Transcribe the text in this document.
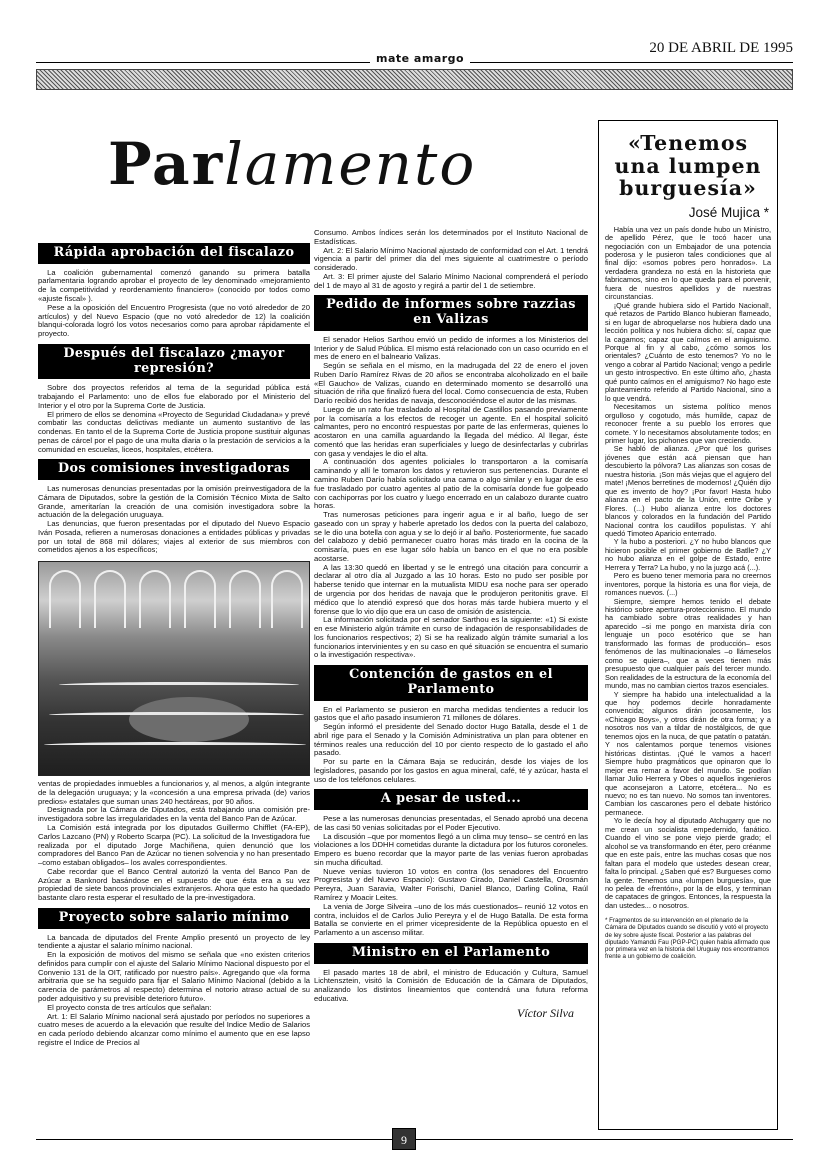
mate amargo
20 DE ABRIL DE 1995
Parlamento
Rápida aprobación del fiscalazo

La coalición gubernamental comenzó ganando su primera batalla parlamentaria logrando aprobar el proyecto de ley denominado «mejoramiento de la competitividad y reordenamiento financiero» (conocido por todos como «ajuste fiscal» ).

Pese a la oposición del Encuentro Progresista (que no votó alrededor de 20 artículos) y del Nuevo Espacio (que no votó alrededor de 12) la coalición blanqui-colorada logró los votos necesarios como para aprobar rápidamente el proyecto.

Después del fiscalazo ¿mayor represión?

Sobre dos proyectos referidos al tema de la seguridad pública está trabajando el Parlamento: uno de ellos fue elaborado por el Ministerio del Interior y el otro por la Suprema Corte de Justicia.

El primero de ellos se denomina «Proyecto de Seguridad Ciudadana» y prevé combatir las conductas delictivas mediante un aumento sustantivo de las condenas. En tanto el de la Suprema Corte de Justicia propone sustituir algunas penas de cárcel por el pago de una multa diaria o la prestación de servicios a la comunidad en escuelas, liceos, hospitales, etcétera.

Dos comisiones investigadoras

Las numerosas denuncias presentadas por la omisión preinvestigadora de la Cámara de Diputados, sobre la gestión de la Comisión Técnico Mixta de Salto Grande, ameritarían la creación de una comisión investigadora sobre la actuación de la delegación uruguaya.

Las denuncias, que fueron presentadas por el diputado del Nuevo Espacio Iván Posada, refieren a numerosas donaciones a entidades públicas y privadas por un total de 868 mil dólares; viajes al exterior de sus miembros con cometidos ajenos a los específicos;

ventas de propiedades inmuebles a funcionarios y, al menos, a algún integrante de la delegación uruguaya; y la «concesión a una empresa privada (de) varios predios» estatales que suman unas 240 hectáreas, por 90 años.

Designada por la Cámara de Diputados, está trabajando una comisión pre-investigadora sobre las irregularidades en la venta del Banco Pan de Azúcar.

La Comisión está integrada por los diputados Guillermo Chifflet (FA-EP), Carlos Lazcano (PN) y Roberto Scarpa (PC). La solicitud de la Investigadora fue realizada por el diputado Jorge Machiñena, quien denunció que los compradores del Banco Pan de Azúcar no tienen solvencia y no han presentado –como estaban obligados– los avales correspondientes.

Cabe recordar que el Banco Central autorizó la venta del Banco Pan de Azúcar a Banknord basándose en el supuesto de que ésta era a su vez propiedad de siete bancos provinciales extranjeros. Ahora que esto ha quedado bastante claro resta esperar el resultado de la pre-investigadora.

Proyecto sobre salario mínimo

La bancada de diputados del Frente Amplio presentó un proyecto de ley tendiente a ajustar el salario mínimo nacional.

En la exposición de motivos del mismo se señala que «no existen criterios definidos para cumplir con el ajuste del Salario Mínimo Nacional dispuesto por el Convenio 131 de la OIT, ratificado por nuestro país». Agregando que «la forma arbitraria que se ha seguido para fijar el Salario Mínimo Nacional (debido a la carencia de parámetros al respecto) determina el notorio atraso actual de su poder adquisitivo y su previsible deterioro futuro».

El proyecto consta de tres artículos que señalan:

Art. 1: El Salario Mínimo nacional será ajustado por períodos no superiores a cuatro meses de acuerdo a la elevación que resulte del Indice Medio de Salarios en cada período debiendo alcanzar como mínimo el aumento que en ese lapso registre el Indice de Precios al

Consumo. Ambos índices serán los determinados por el Instituto Nacional de Estadísticas.

Art. 2: El Salario Mínimo Nacional ajustado de conformidad con el Art. 1 tendrá vigencia a partir del primer día del mes siguiente al cuatrimestre o período considerado.

Art. 3: El primer ajuste del Salario Mínimo Nacional comprenderá el período del 1 de mayo al 31 de agosto y regirá a partir del 1 de setiembre.

Pedido de informes sobre razzias en Valizas

El senador Helios Sarthou envió un pedido de informes a los Ministerios del Interior y de Salud Pública. El mismo está relacionado con un caso ocurrido en el mes de enero en el balneario Valizas.

Según se señala en el mismo, en la madrugada del 22 de enero el joven Ruben Darío Ramírez Rivas de 20 años se encontraba alcoholizado en el baile «El Gaucho» de Valizas, cuando en determinado momento se desarrolló una situación de riña que finalizó fuera del local. Como consecuencia de esta, Ruben Darío recibió dos heridas de navaja, desconociéndose el autor de las mismas.

Luego de un rato fue trasladado al Hospital de Castillos pasando previamente por la comisaría a los efectos de recoger un agente. En el hospital solicitó calmantes, pero no encontró respuestas por parte de las enfermeras, quienes lo acostaron en una camilla aguardando la llegada del médico. Al llegar, éste comentó que las heridas eran superficiales y luego de desinfectarlas y cubrirlas con gasa y vendajes le dio el alta.

A continuación dos agentes policiales lo transportaron a la comisaría caminando y allí le tomaron los datos y retuvieron sus pertenencias. Durante el camino Ruben Darío había solicitado una cama o algo similar y en lugar de eso fue trasladado por cuatro agentes al patio de la comisaría donde fue golpeado con cachiporras por los cuatro y luego encerrado en un calabozo durante cuatro horas.

Tras numerosas peticiones para ingerir agua e ir al baño, luego de ser gaseado con un spray y haberle apretado los dedos con la puerta del calabozo, se le dio una botella con agua y se lo dejó ir al baño. Posteriormente, fue sacado del calabozo y debió permanecer cuatro horas más tirado en la cocina de la comisaría, pues en ese lugar sólo había un banco en el que no era posible acostarse.

A las 13:30 quedó en libertad y se le entregó una citación para concurrir a declarar al otro día al Juzgado a las 10 horas. Esto no pudo ser posible por haberse tenido que internar en la mutualista MIDU esa noche para ser operado de urgencia por dos heridas de navaja que le produjeron peritonitis grave. El médico que lo atendió expresó que dos horas más tarde hubiera muerto y el forense que lo vio dijo que era un caso de omisión de asistencia.

La información solicitada por el senador Sarthou es la siguiente: «1) Si existe en ese Ministerio algún trámite en curso de indagación de responsabilidades de los funcionarios respectivos; 2) Si se ha realizado algún trámite sumarial a los funcionarios intervinientes y en su caso en qué situación se encuentra el sumario o la investigación respectiva».

Contención de gastos en el Parlamento

En el Parlamento se pusieron en marcha medidas tendientes a reducir los gastos que el año pasado insumieron 71 millones de dólares.

Según informó el presidente del Senado doctor Hugo Batalla, desde el 1 de abril rige para el Senado y la Comisión Administrativa un plan para obtener en términos reales una reducción del 10 por ciento respecto de lo gastado el año pasado.

Por su parte en la Cámara Baja se reducirán, desde los viajes de los legisladores, pasando por los gastos en agua mineral, café, té y azúcar, hasta el uso de los teléfonos celulares.

A pesar de usted...

Pese a las numerosas denuncias presentadas, el Senado aprobó una decena de las casi 50 venias solicitadas por el Poder Ejecutivo.

La discusión –que por momentos llegó a un clima muy tenso– se centró en las violaciones a los DDHH cometidas durante la dictadura por los futuros coroneles. Empero es bueno recordar que la mayor parte de las venias fueron aprobadas sin mucha dificultad.

Nueve venias tuvieron 10 votos en contra (los senadores del Encuentro Progresista y del Nuevo Espacio): Gustavo Cirado, Daniel Castella, Orosmán Pereyra, Juan Saravia, Walter Forischi, Daniel Blanco, Darling Colina, Raúl Ramírez y Moacir Leites.

La venia de Jorge Silveira –uno de los más cuestionados– reunió 12 votos en contra, incluidos el de Carlos Julio Pereyra y el de Hugo Batalla. De esta forma Batalla se convierte en el primer vicepresidente de la República opuesto en el Parlamento a un ascenso militar.

Ministro en el Parlamento

El pasado martes 18 de abril, el ministro de Educación y Cultura, Samuel Lichtensztein, visitó la Comisión de Educación de la Cámara de Diputados, analizando los distintos lineamientos que contendrá una futura reforma educativa.

Víctor Silva
«Tenemos una lumpen burguesía»
José Mujica *

Había una vez un país donde hubo un Ministro, de apellido Pérez, que le tocó hacer una negociación con un Embajador de una potencia poderosa y le pusieron tales condiciones que al final dijo: «somos pobres pero honrados». La verdadera grandeza no está en la historieta que fabricamos, sino en lo que queda para el porvenir, fuera de nuestros apellidos y de nuestras circunstancias.

¡Qué grande hubiera sido el Partido Nacional!, qué retazos de Partido Blanco hubieran flameado, si en lugar de abroquelarse nos hubiera dado una lección política y nos hubiera dicho: sí, capaz que la cagamos; capaz que caímos en el amiguismo. Porque al fin y al cabo, ¿cómo somos los orientales? ¿Cuánto de esto tenemos? Yo no le vengo a cobrar al Partido Nacional; vengo a pedirle un gesto introspectivo. En este último año, ¿hasta qué punto caímos en el amiguismo? No hago este planteamiento referido al Partido Nacional, sino a lo que vendrá.

Necesitamos un sistema político menos orgulloso y cogotudo, más humilde, capaz de reconocer frente a su pueblo los errores que comete. Y lo necesitamos absolutamente todos; en primer lugar, los pichones que van creciendo.

Se habló de alianza. ¿Por qué los gurises jóvenes que están acá piensan que han descubierto la pólvora? Las alianzas son cosas de nuestra historia. ¡Son más viejas que el agujero del mate! ¡Menos berretines de modernos! ¿Quién dijo que es invento de hoy? ¡Por favor! Hasta hubo alianza en el pacto de la Unión, entre Oribe y Flores. (...) Hubo alianza entre los doctores blancos y colorados en la fundación del Partido Nacional contra los caudillos populistas. Y ahí quedó Timoteo Aparicio enterrado.

Y la hubo a posteriori. ¿Y no hubo blancos que hicieron posible el primer gobierno de Batlle? ¿Y no hubo alianza en el golpe de Estado, entre Herrera y Terra? La hubo, y no la juzgo acá (...).

Pero es bueno tener memoria para no creernos inventores, porque la historia es una flor vieja, de romances nuevos. (...)

Siempre, siempre hemos tenido el debate histórico sobre apertura-proteccionismo. El mundo ha cambiado sobre otras realidades y han aparecido –si me pongo en marxista diría con lenguaje un poco esotérico que se han transformado las formas de producción– esos fenómenos de las multinacionales –o llámeselos como se quiera–, que a veces tienen más presupuesto que cualquier país del tercer mundo. Son realidades de la estructura de la economía del mundo, mas no cambian ciertos trazos esenciales.

Y siempre ha habido una intelectualidad a la que hoy podemos decirle honradamente convencida; algunos dirán jocosamente, los «Chicago Boys», y otros dirán de otra forma; y a nosotros nos van a tildar de nostálgicos, de que tenemos ojos en la nuca, de que patatín o patatán. Y nos calentamos porque tenemos visiones históricas distintas. ¡Qué le vamos a hacer! Siempre hubo pragmáticos que opinaron que lo mejor era remar a favor del mundo. Se podían llamar Julio Herrera y Obes o aquellos ingenieros que aconsejaron a Latorre, etcétera... No es nuevo; no es tan nuevo. No somos tan inventores. Cambian los cascarones pero el debate histórico permanece.

Yo le decía hoy al diputado Atchugarry que no me crean un socialista empedernido, fanático. Cuando el vino se pone viejo pierde grado; el alcohol se va transformando en éter, pero créanme que en este país, entre las muchas cosas que nos faltan para el modelo que ustedes desean crear, falta lo principal. ¿Saben qué es? Burgueses como la gente. Tenemos una «lumpen burguesía», que no pelea de «frentón», por la de ellos, y terminan de capataces de gringos. Entonces, la respuesta la dan ustedes... o nosotros.

* Fragmentos de su intervención en el plenario de la Cámara de Diputados cuando se discutió y votó el proyecto de ley sobre ajuste fiscal. Posterior a las palabras del diputado Yamandú Fau (PGP-PC) quien había afirmado que por primera vez en la historia del Uruguay nos encontramos frente a un gobierno de coalición.
9
